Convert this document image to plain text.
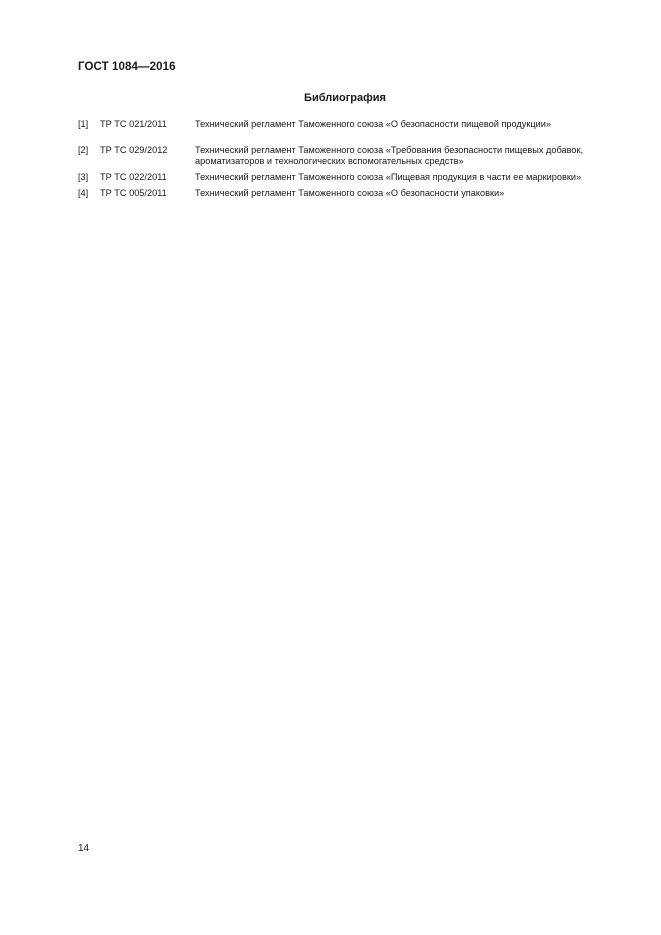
ГОСТ 1084—2016
Библиография
[1] ТР ТС 021/2011	Технический регламент Таможенного союза «О безопасности пищевой продукции»
[2] ТР ТС 029/2012	Технический регламент Таможенного союза «Требования безопасности пищевых добавок, ароматизаторов и технологических вспомогательных средств»
[3] ТР ТС 022/2011	Технический регламент Таможенного союза «Пищевая продукция в части ее маркировки»
[4] ТР ТС 005/2011	Технический регламент Таможенного союза «О безопасности упаковки»
14
